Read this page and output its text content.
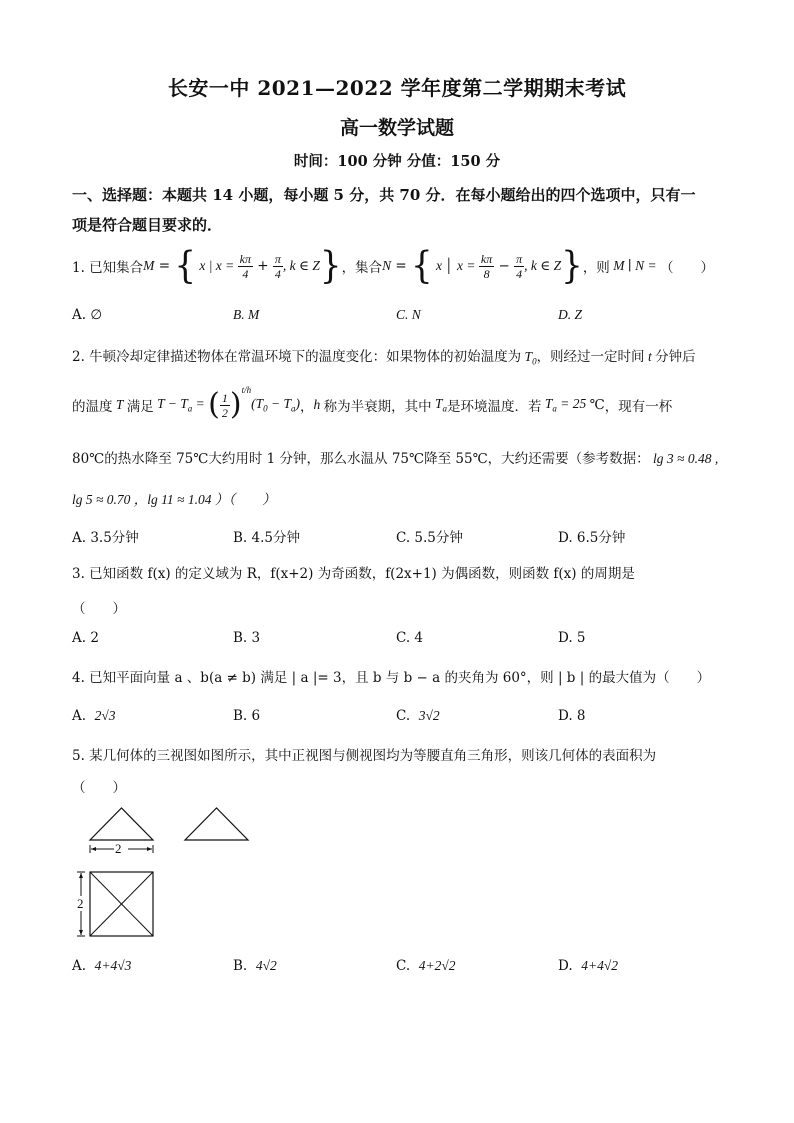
长安一中 2021—2022 学年度第二学期期末考试
高一数学试题
时间：100 分钟 分值：150 分
一、选择题：本题共 14 小题，每小题 5 分，共 70 分．在每小题给出的四个选项中，只有一
项是符合题目要求的．
1. 已知集合 M = { x | $x = \frac{k\pi}{4} + \frac{\pi}{4}$ , k ∈ Z } ，集合 N = { x │ $x = \frac{k\pi}{8} - \frac{\pi}{4}$ , k ∈ Z } ，则 M ∣ N = （　　）
A. ∅	B. M	C. N	D. Z
2. 牛顿冷却定律描述物体在常温环境下的温度变化：如果物体的初始温度为 $T_0$，则经过一定时间 t 分钟后
的温度 T 满足 $T - T_a$ = ( $\frac{1}{2}$ ) t/h
$(T_0 - T_a)$ ， h 称为半衰期，其中 $T_a$ 是环境温度．若 $T_a = 25$ ℃ ，现有一杯
80℃的热水降至 75℃大约用时 1 分钟，那么水温从 75℃降至 55℃，大约还需要（参考数据： lg 3 ≈ 0.48 ,
lg 5 ≈ 0.70 ，lg 11 ≈ 1.04 ）（　　）
A. 3.5分钟	B. 4.5分钟	C. 5.5分钟	D. 6.5分钟
3. 已知函数 f(x) 的定义域为 R，f(x+2) 为奇函数，f(2x+1) 为偶函数，则函数 f(x) 的周期是
（　　）
A. 2	B. 3	C. 4	D. 5
4. 已知平面向量 a 、b(a ≠ b) 满足 | a |= 3，且 b 与 b − a 的夹角为 60°，则 | b | 的最大值为（　　）
A. 2√3	B. 6	C. 3√2	D. 8
5. 某几何体的三视图如图所示，其中正视图与侧视图均为等腰直角三角形，则该几何体的表面积为
（　　）
2
2
A. 4+4√3	B. 4√2	C. 4+2√2	D. 4+4√2
